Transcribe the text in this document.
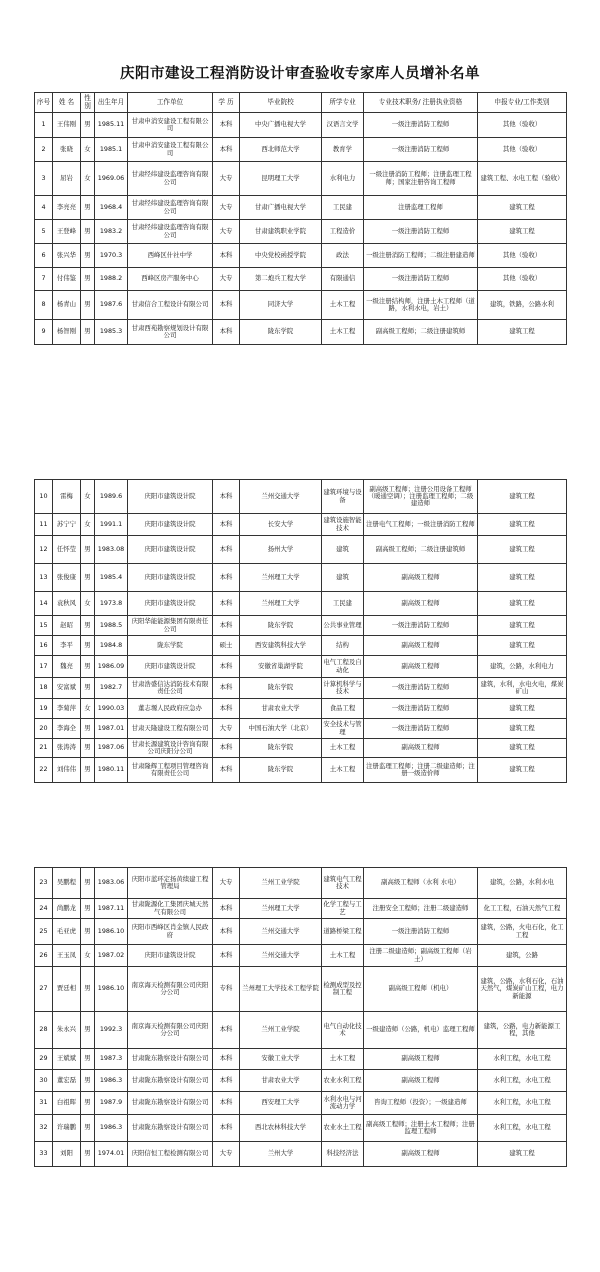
庆阳市建设工程消防设计审查验收专家库人员增补名单
序号	姓 名	性别	出生年月	工作单位	学 历	毕业院校	所学专业	专业技术职务/ 注册执业资格	申报专业/工作类别
1	王伟刚	男	1985.11	甘肃申消安建设工程有限公司	本科	中央广播电视大学	汉语言文学	一级注册消防工程师	其他（验收）
2	张晓	女	1985.1	甘肃申消安建设工程有限公司	本科	西北师范大学	教育学	一级注册消防工程师	其他（验收）
3	屈岩	女	1969.06	甘肃经纬建设监理咨询有限公司	大专	昆明理工大学	水利电力	一级注册消防工程师；注册监理工程师；国家注册咨询工程师	建筑工程、水电工程（验收）
4	李亮亮	男	1968.4	甘肃经纬建设监理咨询有限公司	大专	甘肃广播电视大学	工民建	注册监理工程师	建筑工程
5	王登峰	男	1983.2	甘肃经纬建设监理咨询有限公司	大专	甘肃建筑职业学院	工程造价	一级注册消防工程师	建筑工程
6	张兴华	男	1970.3	西峰区什社中学	本科	中央党校函授学院	政法	一级注册消防工程师；二级注册建造师	其他（验收）
7	付伟鉴	男	1988.2	西峰区房产服务中心	大专	第二炮兵工程大学	有限通信	一级注册消防工程师	其他（验收）
8	杨青山	男	1987.6	甘肃信合工程设计有限公司	本科	同济大学	土木工程	一级注册结构师，注册土木工程师（道路，水利水电，岩土）	建筑，铁路，公路水利
9	杨智刚	男	1985.3	甘肃西苑勘察规划设计有限公司	本科	陇东学院	土木工程	副高级工程师；二级注册建筑师	建筑工程
10	雷梅	女	1989.6	庆阳市建筑设计院	本科	兰州交通大学	建筑环境与设备	副高级工程师；注册公用设备工程师（暖通空调）；注册监理工程师；二级建造师	建筑工程
11	苏宁宁	女	1991.1	庆阳市建筑设计院	本科	长安大学	建筑设施智能技术	注册电气工程师；一级注册消防工程师	建筑工程
12	任怀莹	男	1983.08	庆阳市建筑设计院	本科	扬州大学	建筑	副高级工程师；二级注册建筑师	建筑工程
13	张俊康	男	1985.4	庆阳市建筑设计院	本科	兰州理工大学	建筑	副高级工程师	建筑工程
14	袁秋风	女	1973.8	庆阳市建筑设计院	本科	兰州理工大学	工民建	副高级工程师	建筑工程
15	赵昭	男	1988.5	庆阳华能能源集团有限责任公司	本科	陇东学院	公共事业管理	一级注册消防工程师	建筑工程
16	李平	男	1984.8	陇东学院	硕士	西安建筑科技大学	结构	副高级工程师	建筑工程
17	魏亮	男	1986.09	庆阳市建筑设计院	本科	安徽省巢湖学院	电气工程及自动化	副高级工程师	建筑，公路，水利电力
18	安富斌	男	1982.7	甘肃浩盛信达消防技术有限责任公司	本科	陇东学院	计算机科学与技术	一级注册消防工程师	建筑，水利，水电火电，煤炭矿山
19	李菊萍	女	1990.03	董志塬人民政府应急办	本科	甘肃农业大学	食品工程	一级注册消防工程师	建筑工程
20	李海全	男	1987.01	甘肃天隆建设工程有限公司	大专	中国石油大学（北京）	安全技术与管理	一级注册消防工程师	建筑工程
21	张涛涛	男	1987.06	甘肃长源建筑设计咨询有限公司庆阳分公司	本科	陇东学院	土木工程	副高级工程师	建筑工程
22	刘伟伟	男	1980.11	甘肃隆辉工程项目管理咨询有限责任公司	本科	陇东学院	土木工程	注册监理工程师；注册二级建造师；注册一级造价师	建筑工程
23	吴鹏程	男	1983.06	庆阳市蓝环定扬黄续建工程管理局	大专	兰州工业学院	建筑电气工程技术	副高级工程师（水利 水电）	建筑，公路，水利水电
24	尚鹏龙	男	1987.11	甘肃陇源化工集团庆城天然气有限公司	本科	兰州理工大学	化学工程与工艺	注册安全工程师；注册二级建造师	化工工程，石油天然气工程
25	毛亚虎	男	1986.10	庆阳市西峰区肖金镇人民政府	本科	兰州交通大学	道路桥梁工程	一级注册消防工程师	建筑，公路，火电石化，化工工程
26	王玉凤	女	1987.02	庆阳市建筑设计院	本科	兰州交通大学	土木工程	注册二级建造师；副高级工程师（岩土）	建筑，公路
27	贾廷相	男	1986.10	南京海天检测有限公司庆阳分公司	专科	兰州理工大学技术工程学院	检测成型及控制工程	副高级工程师（机电）	建筑，公路，水利石化，石油天然气，煤炭矿山工程，电力新能源
28	朱永兴	男	1992.3	南京海天检测有限公司庆阳分公司	本科	兰州工业学院	电气自动化技术	一级建造师（公路，机电）监理工程师	建筑，公路，电力新能源工程，其他
29	王斌斌	男	1987.3	甘肃陇东勘察设计有限公司	本科	安徽工业大学	土木工程	副高级工程师	水利工程，水电工程
30	董宏磊	男	1986.3	甘肃陇东勘察设计有限公司	本科	甘肃农业大学	农业水利工程	副高级工程师	水利工程，水电工程
31	白祖晖	男	1987.9	甘肃陇东勘察设计有限公司	本科	西安理工大学	水利水电与河流动力学	咨询工程师（投资）；一级建造师	水利工程，水电工程
32	许瑞鹏	男	1986.3	甘肃陇东勘察设计有限公司	本科	西北农林科技大学	农业水土工程	副高级工程师；注册土木工程师；注册监理工程师	水利工程，水电工程
33	刘阳	男	1974.01	庆阳信恒工程检测有限公司	大专	兰州大学	科技经济法	副高级工程师	建筑工程
